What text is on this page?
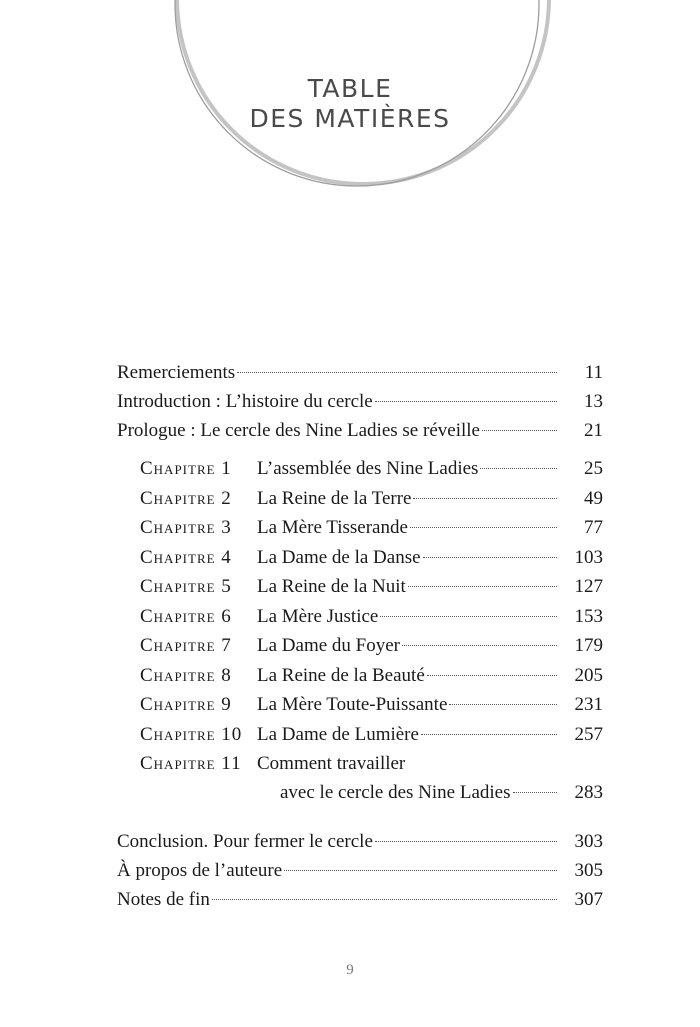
TABLE
DES MATIÈRES
Remerciements	11
Introduction : L’histoire du cercle	13
Prologue : Le cercle des Nine Ladies se réveille	21
Chapitre 1	L’assemblée des Nine Ladies	25
Chapitre 2	La Reine de la Terre	49
Chapitre 3	La Mère Tisserande	77
Chapitre 4	La Dame de la Danse	103
Chapitre 5	La Reine de la Nuit	127
Chapitre 6	La Mère Justice	153
Chapitre 7	La Dame du Foyer	179
Chapitre 8	La Reine de la Beauté	205
Chapitre 9	La Mère Toute-Puissante	231
Chapitre 10 La Dame de Lumière	257
Chapitre 11 Comment travailler
avec le cercle des Nine Ladies	283
Conclusion. Pour fermer le cercle	303
À propos de l’auteure	305
Notes de fin	307
9
